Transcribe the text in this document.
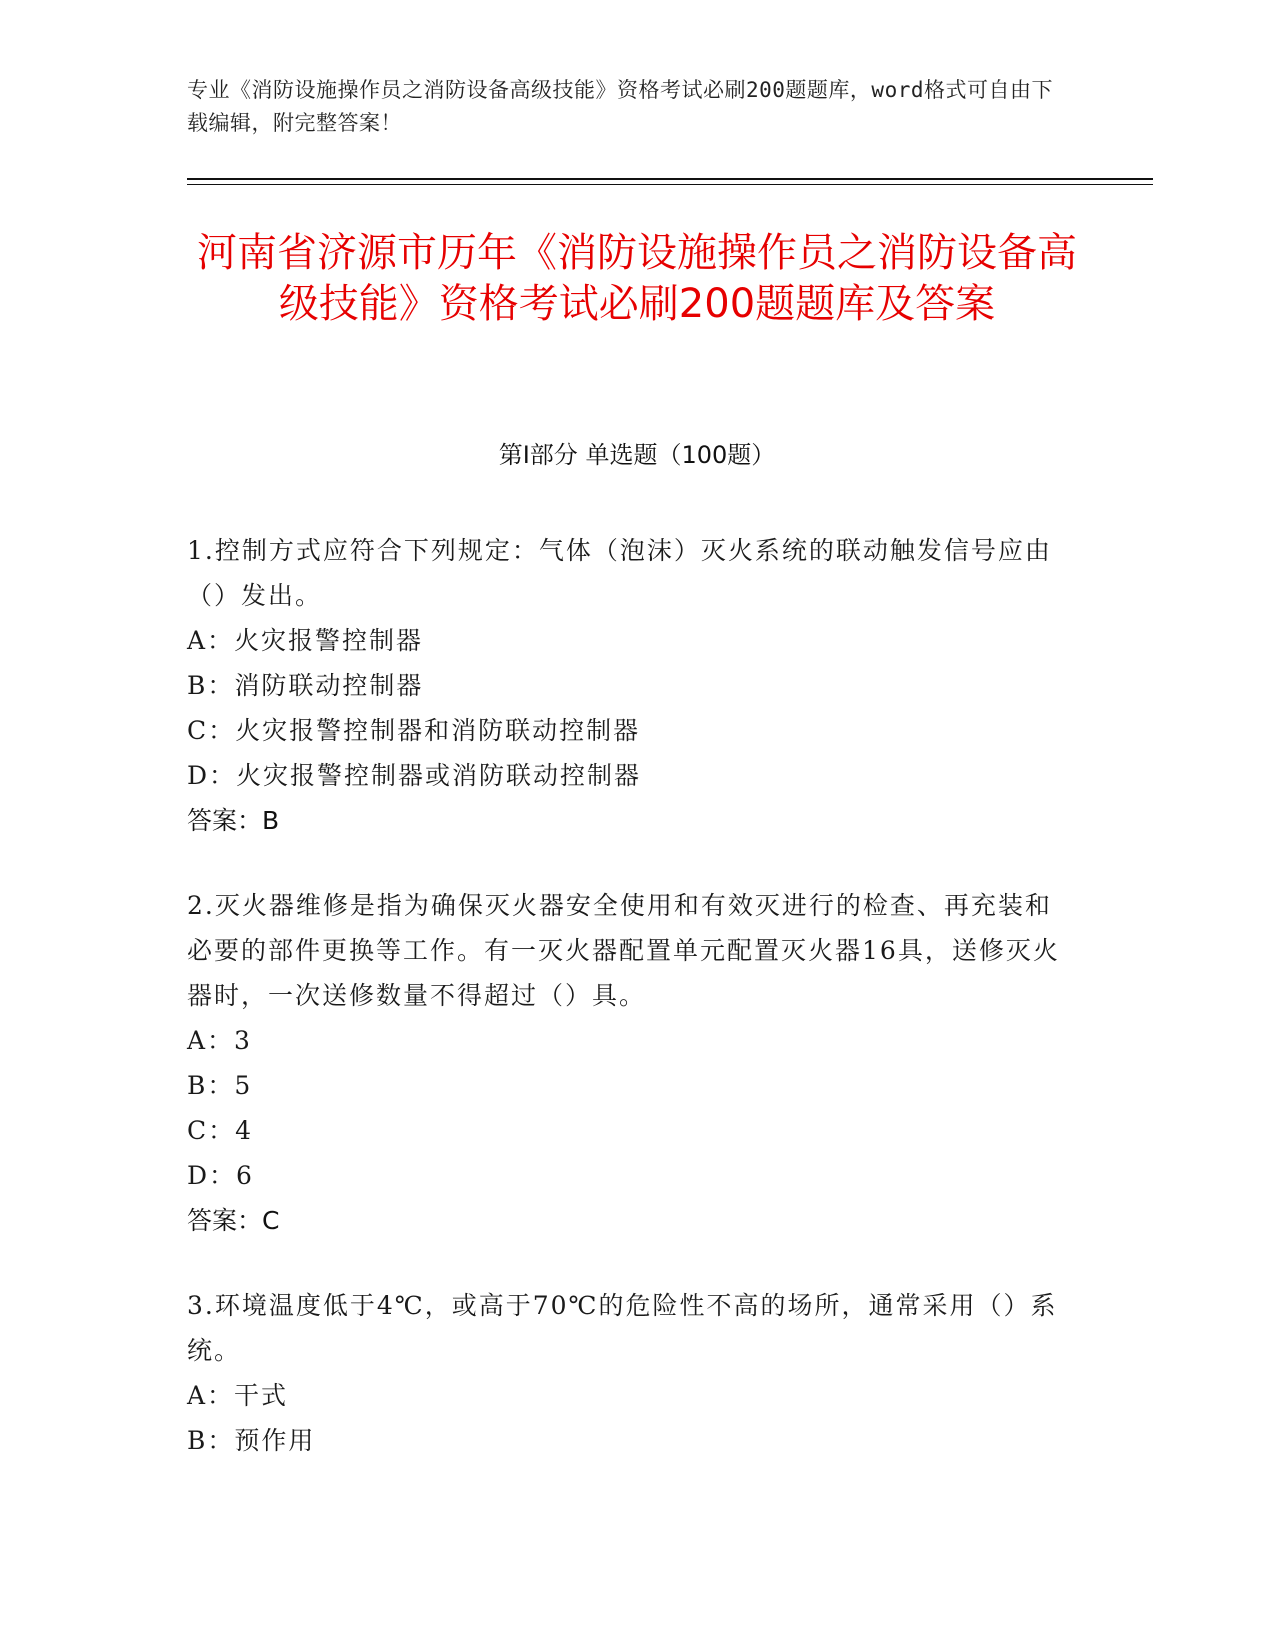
专业《消防设施操作员之消防设备高级技能》资格考试必刷200题题库，word格式可自由下载编辑，附完整答案！
河南省济源市历年《消防设施操作员之消防设备高级技能》资格考试必刷200题题库及答案
第Ⅰ部分 单选题（100题）
1.控制方式应符合下列规定：气体（泡沫）灭火系统的联动触发信号应由（）发出。
A：火灾报警控制器
B：消防联动控制器
C：火灾报警控制器和消防联动控制器
D：火灾报警控制器或消防联动控制器
答案：B
2.灭火器维修是指为确保灭火器安全使用和有效灭进行的检查、再充装和必要的部件更换等工作。有一灭火器配置单元配置灭火器16具，送修灭火器时，一次送修数量不得超过（）具。
A：3
B：5
C：4
D：6
答案：C
3.环境温度低于4℃，或高于70℃的危险性不高的场所，通常采用（）系统。
A：干式
B：预作用
